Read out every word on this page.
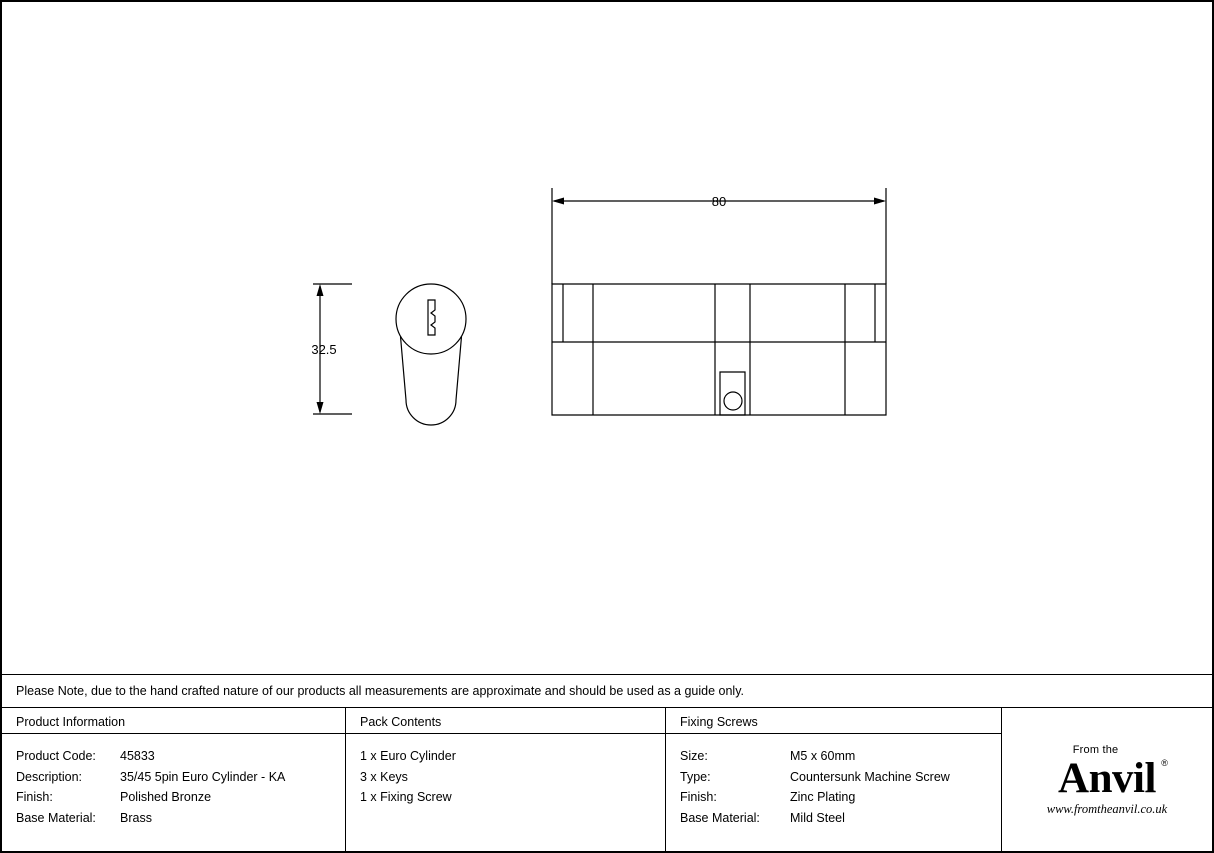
80
32.5
Please Note, due to the hand crafted nature of our products all measurements are approximate and should be used as a guide only.
Product Information
Product Code:	45833
Description:	35/45 5pin Euro Cylinder - KA
Finish:	Polished Bronze
Base Material:	Brass
Pack Contents
1 x Euro Cylinder
3 x Keys
1 x Fixing Screw
Fixing Screws
Size:	M5 x 60mm
Type:	Countersunk Machine Screw
Finish:	Zinc Plating
Base Material:	Mild Steel
From the
Anvil ®
www.fromtheanvil.co.uk
